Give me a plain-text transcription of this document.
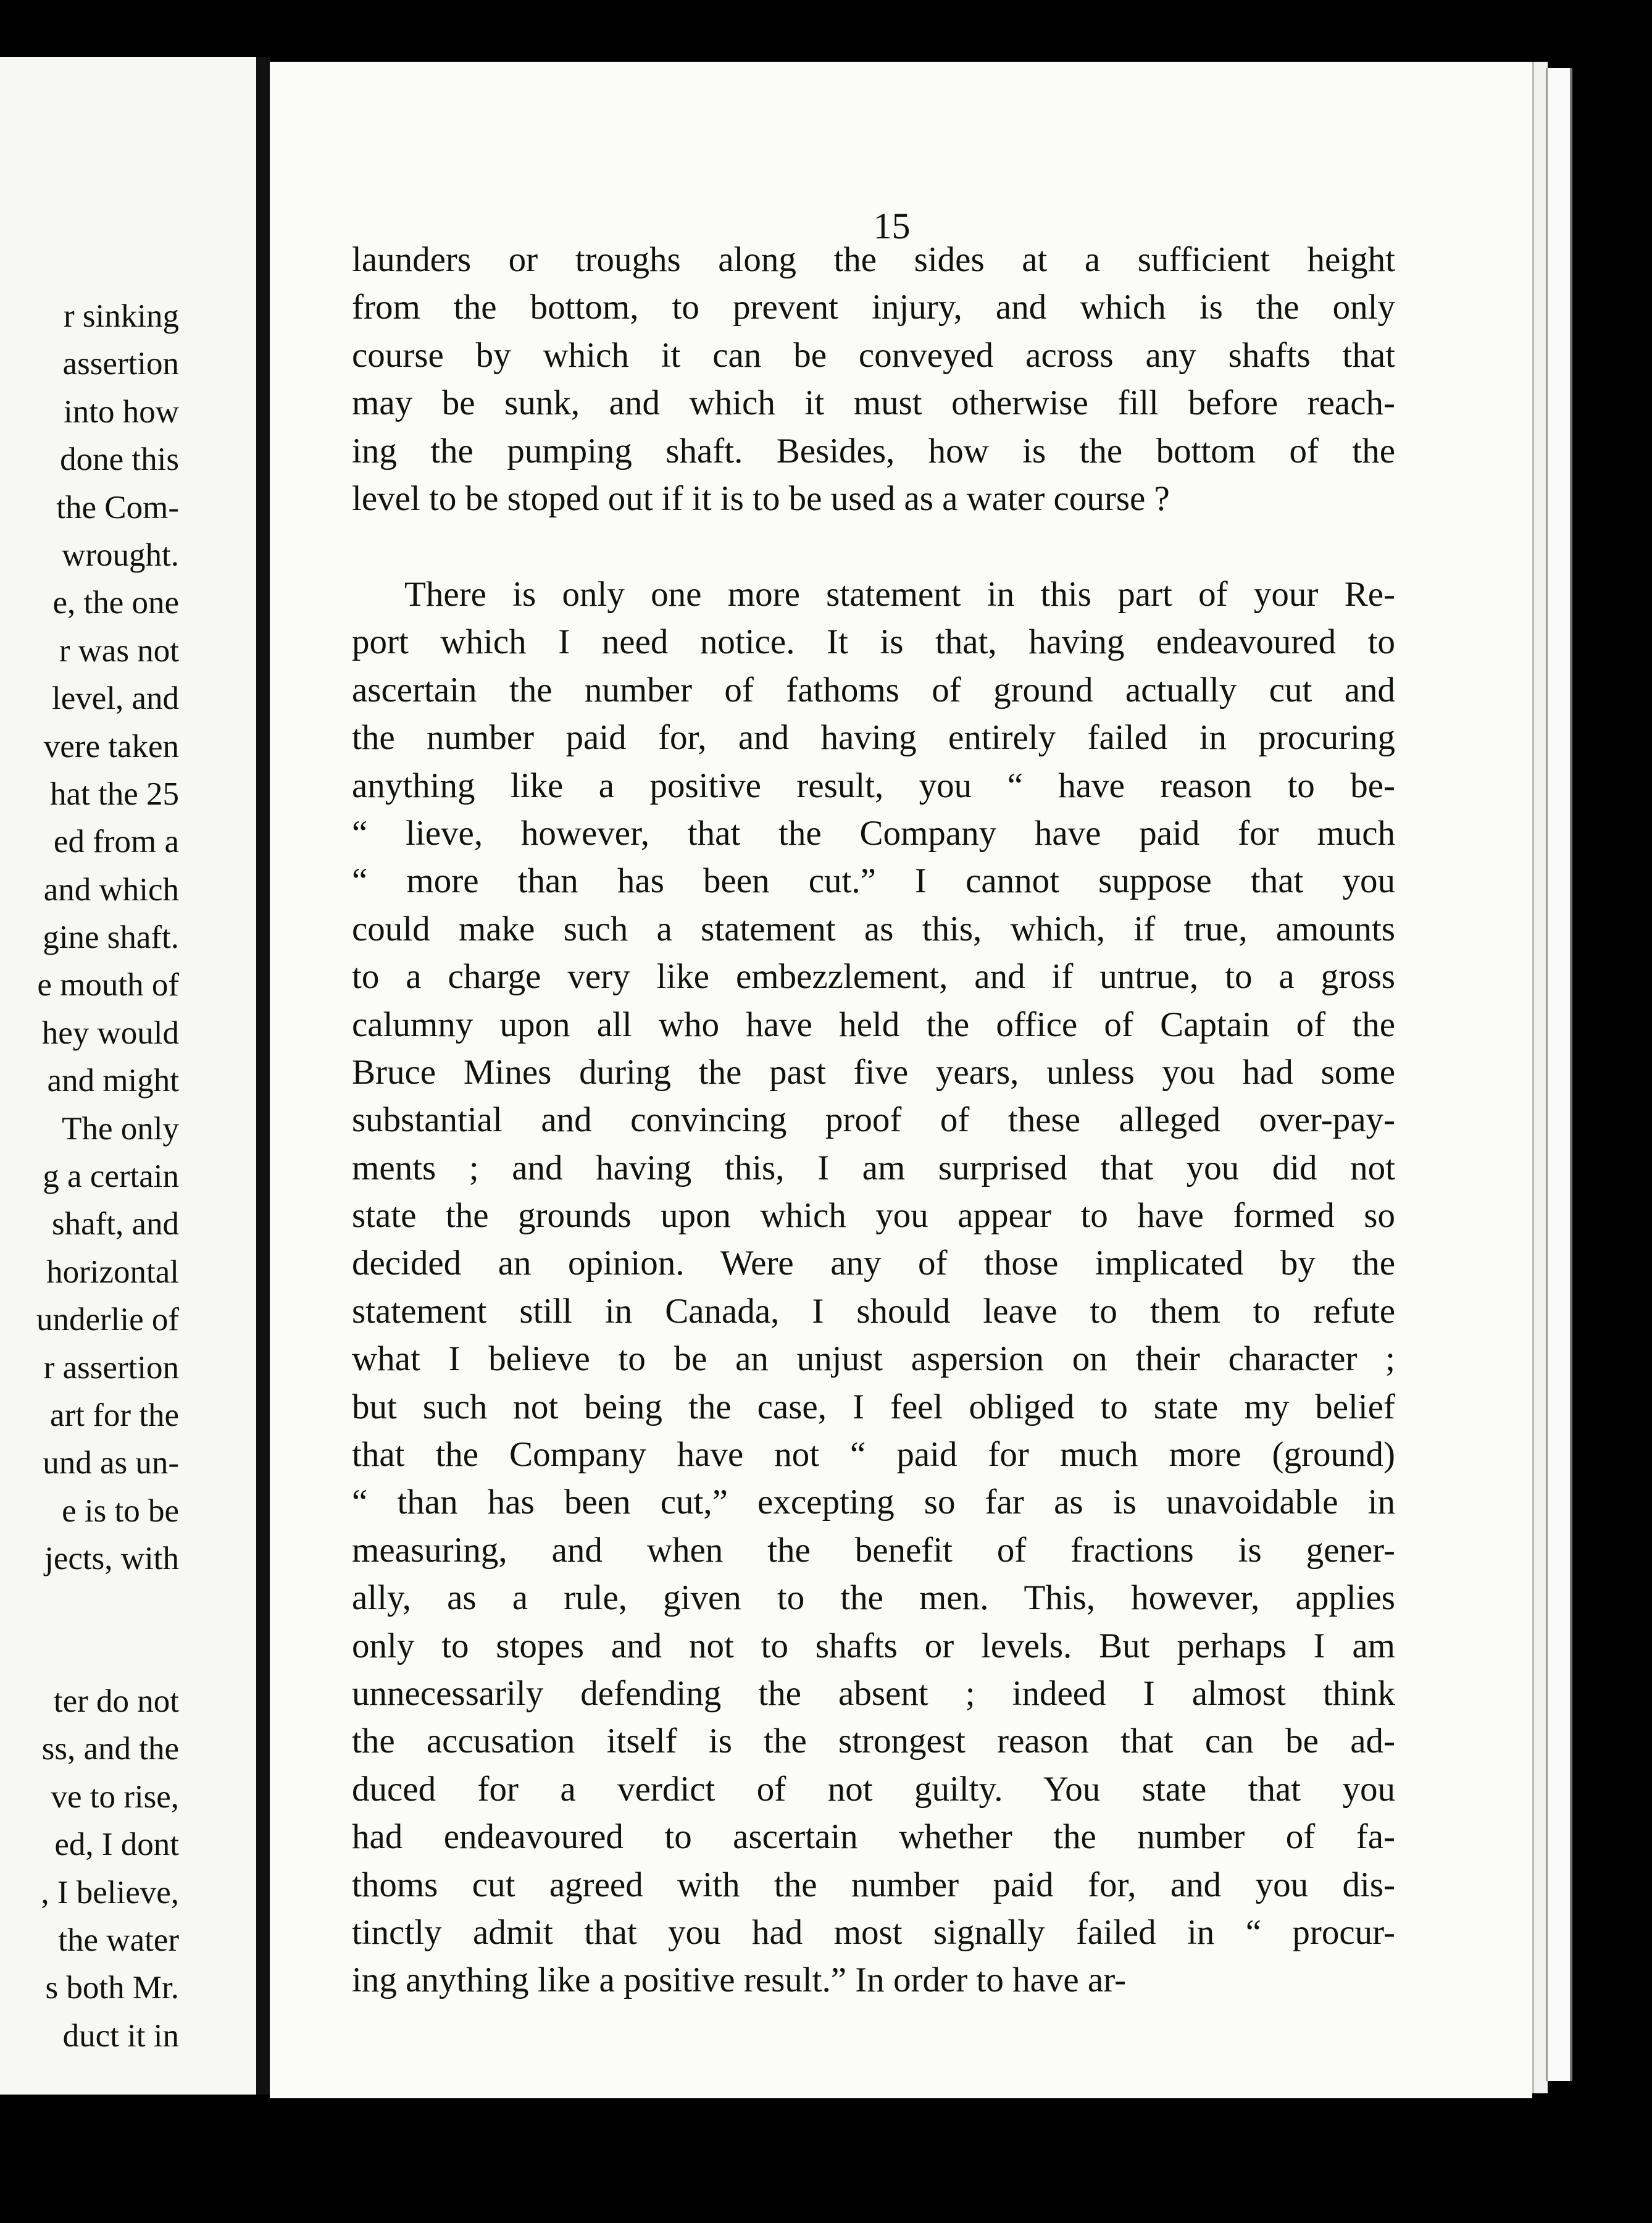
r sinking
assertion
into how
done this
the Com-
wrought.
e, the one
r was not
level, and
vere taken
hat the 25
ed from a
and which
gine shaft.
e mouth of
hey would
and might
The only
g a certain
shaft, and
horizontal
underlie of
r assertion
art for the
und as un-
e is to be
jects, with
ter do not
ss, and the
ve to rise,
ed, I dont
, I believe,
the water
s both Mr.
duct it in
15
launders or troughs along the sides at a sufficient height
from the bottom, to prevent injury, and which is the only
course by which it can be conveyed across any shafts that
may be sunk, and which it must otherwise fill before reach-
ing the pumping shaft. Besides, how is the bottom of the
level to be stoped out if it is to be used as a water course ?
There is only one more statement in this part of your Re-
port which I need notice. It is that, having endeavoured to
ascertain the number of fathoms of ground actually cut and
the number paid for, and having entirely failed in procuring
anything like a positive result, you “ have reason to be-
“ lieve, however, that the Company have paid for much
“ more than has been cut.” I cannot suppose that you
could make such a statement as this, which, if true, amounts
to a charge very like embezzlement, and if untrue, to a gross
calumny upon all who have held the office of Captain of the
Bruce Mines during the past five years, unless you had some
substantial and convincing proof of these alleged over-pay-
ments ; and having this, I am surprised that you did not
state the grounds upon which you appear to have formed so
decided an opinion. Were any of those implicated by the
statement still in Canada, I should leave to them to refute
what I believe to be an unjust aspersion on their character ;
but such not being the case, I feel obliged to state my belief
that the Company have not “ paid for much more (ground)
“ than has been cut,” excepting so far as is unavoidable in
measuring, and when the benefit of fractions is gener-
ally, as a rule, given to the men. This, however, applies
only to stopes and not to shafts or levels. But perhaps I am
unnecessarily defending the absent ; indeed I almost think
the accusation itself is the strongest reason that can be ad-
duced for a verdict of not guilty. You state that you
had endeavoured to ascertain whether the number of fa-
thoms cut agreed with the number paid for, and you dis-
tinctly admit that you had most signally failed in “ procur-
ing anything like a positive result.” In order to have ar-
